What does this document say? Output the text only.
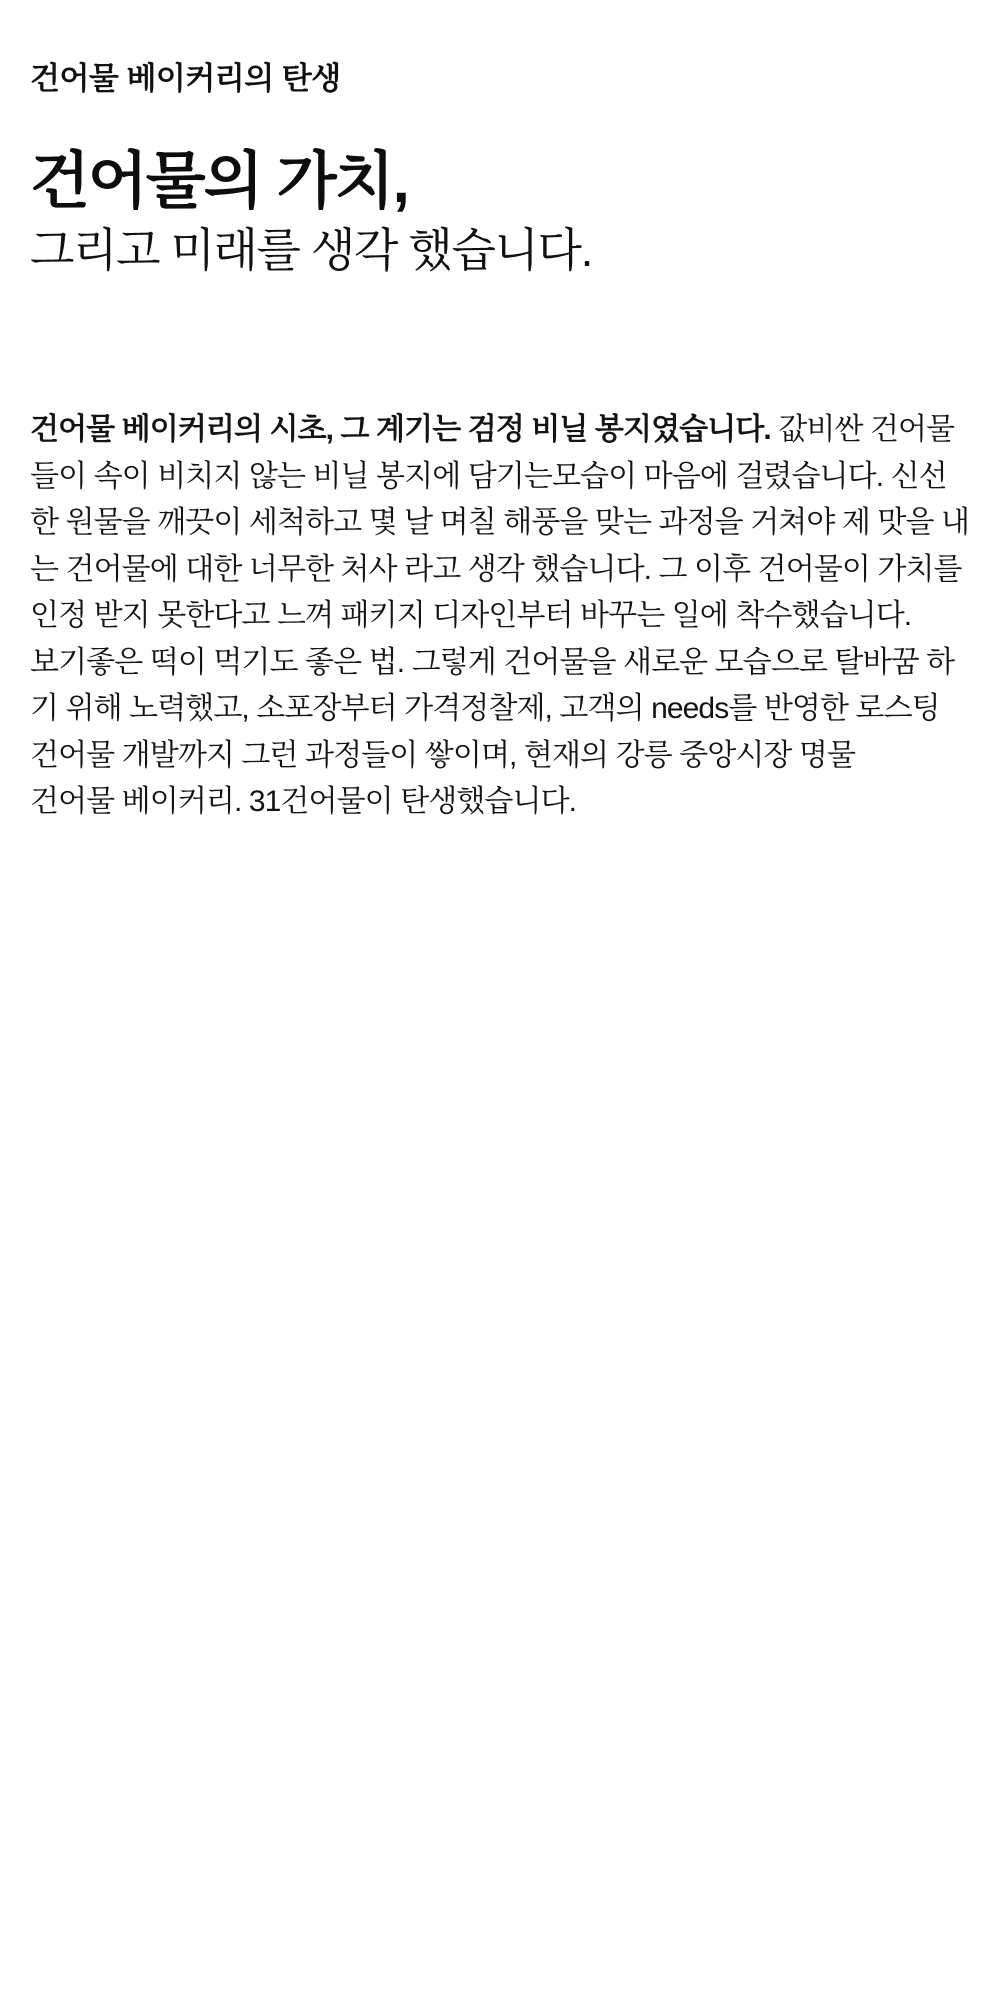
건어물 베이커리의 탄생
건어물의 가치,
그리고 미래를 생각 했습니다.

건어물 베이커리의 시초, 그 계기는 검정 비닐 봉지였습니다. 값비싼 건어물들이 속이 비치지 않는 비닐 봉지에 담기는모습이 마음에 걸렸습니다. 신선한 원물을 깨끗이 세척하고 몇 날 며칠 해풍을 맞는 과정을 거쳐야 제 맛을 내는 건어물에 대한 너무한 처사 라고 생각 했습니다. 그 이후 건어물이 가치를 인정 받지 못한다고 느껴 패키지 디자인부터 바꾸는 일에 착수했습니다.

보기좋은 떡이 먹기도 좋은 법. 그렇게 건어물을 새로운 모습으로 탈바꿈 하기 위해 노력했고, 소포장부터 가격정찰제, 고객의 needs를 반영한 로스팅 건어물 개발까지 그런 과정들이 쌓이며, 현재의 강릉 중앙시장 명물

건어물 베이커리. 31건어물이 탄생했습니다.
